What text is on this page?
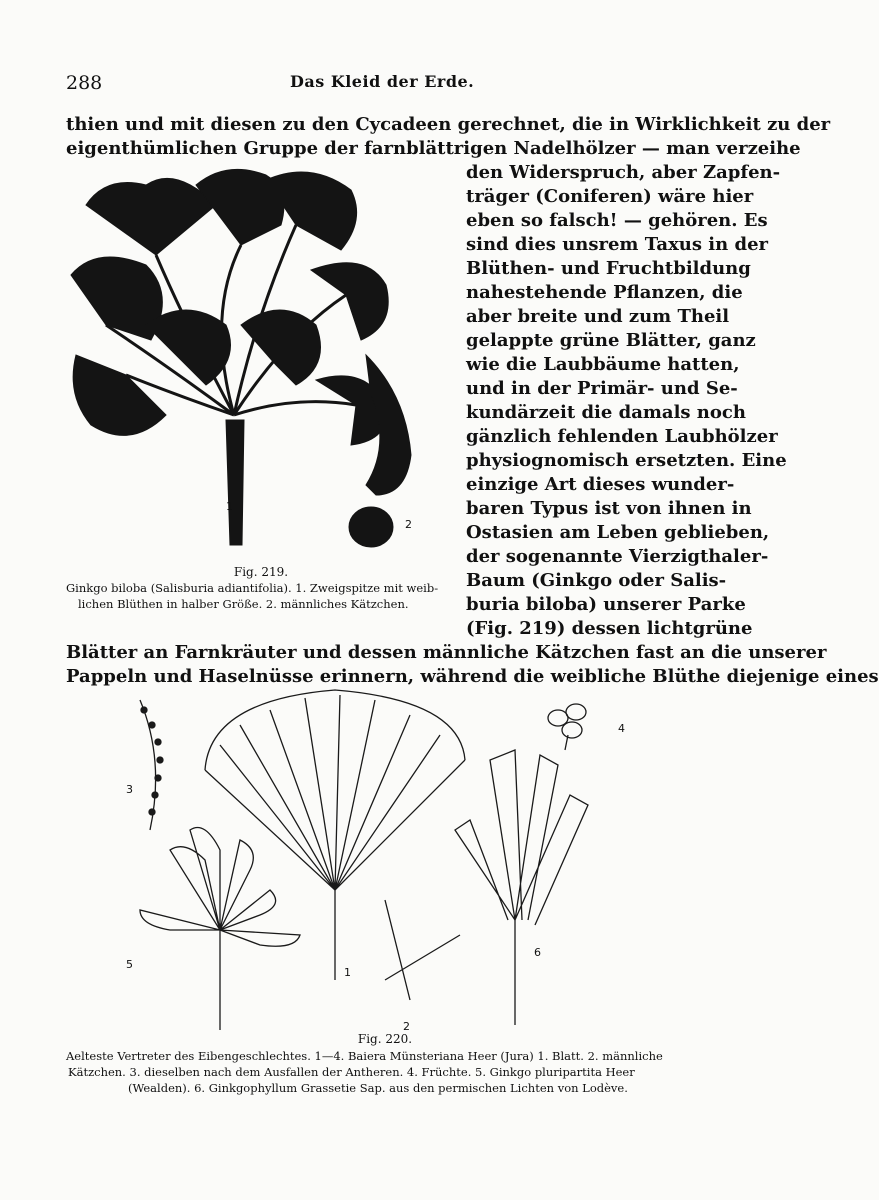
288	Das Kleid der Erde.
thien und mit diesen zu den Cycadeen gerechnet, die in Wirklichkeit zu der
eigenthümlichen Gruppe der farnblättrigen Nadelhölzer — man verzeihe
den Widerspruch, aber Zapfen-
träger (Coniferen) wäre hier
eben so falsch! — gehören. Es
sind dies unsrem Taxus in der
Blüthen- und Fruchtbildung
nahestehende Pflanzen, die
aber breite und zum Theil
gelappte grüne Blätter, ganz
wie die Laubbäume hatten,
und in der Primär- und Se-
kundärzeit die damals noch
gänzlich fehlenden Laubhölzer
physiognomisch ersetzten. Eine
einzige Art dieses wunder-
baren Typus ist von ihnen in
Ostasien am Leben geblieben,
der sogenannte Vierzigthaler-
Baum (Ginkgo oder Salis-
buria biloba) unserer Parke
(Fig. 219) dessen lichtgrüne
Blätter an Farnkräuter und dessen männliche Kätzchen fast an die unserer
Pappeln und Haselnüsse erinnern, während die weibliche Blüthe diejenige eines
1
2
Fig. 219.
Ginkgo biloba (Salisburia adiantifolia). 1. Zweigspitze mit weib-
lichen Blüthen in halber Größe. 2. männliches Kätzchen.
3
4
5
1
2
6
Fig. 220.
Aelteste Vertreter des Eibengeschlechtes. 1—4. Baiera Münsteriana Heer (Jura) 1. Blatt. 2. männliche
Kätzchen. 3. dieselben nach dem Ausfallen der Antheren. 4. Früchte. 5. Ginkgo pluripartita Heer
(Wealden). 6. Ginkgophyllum Grassetie Sap. aus den permischen Lichten von Lodève.
